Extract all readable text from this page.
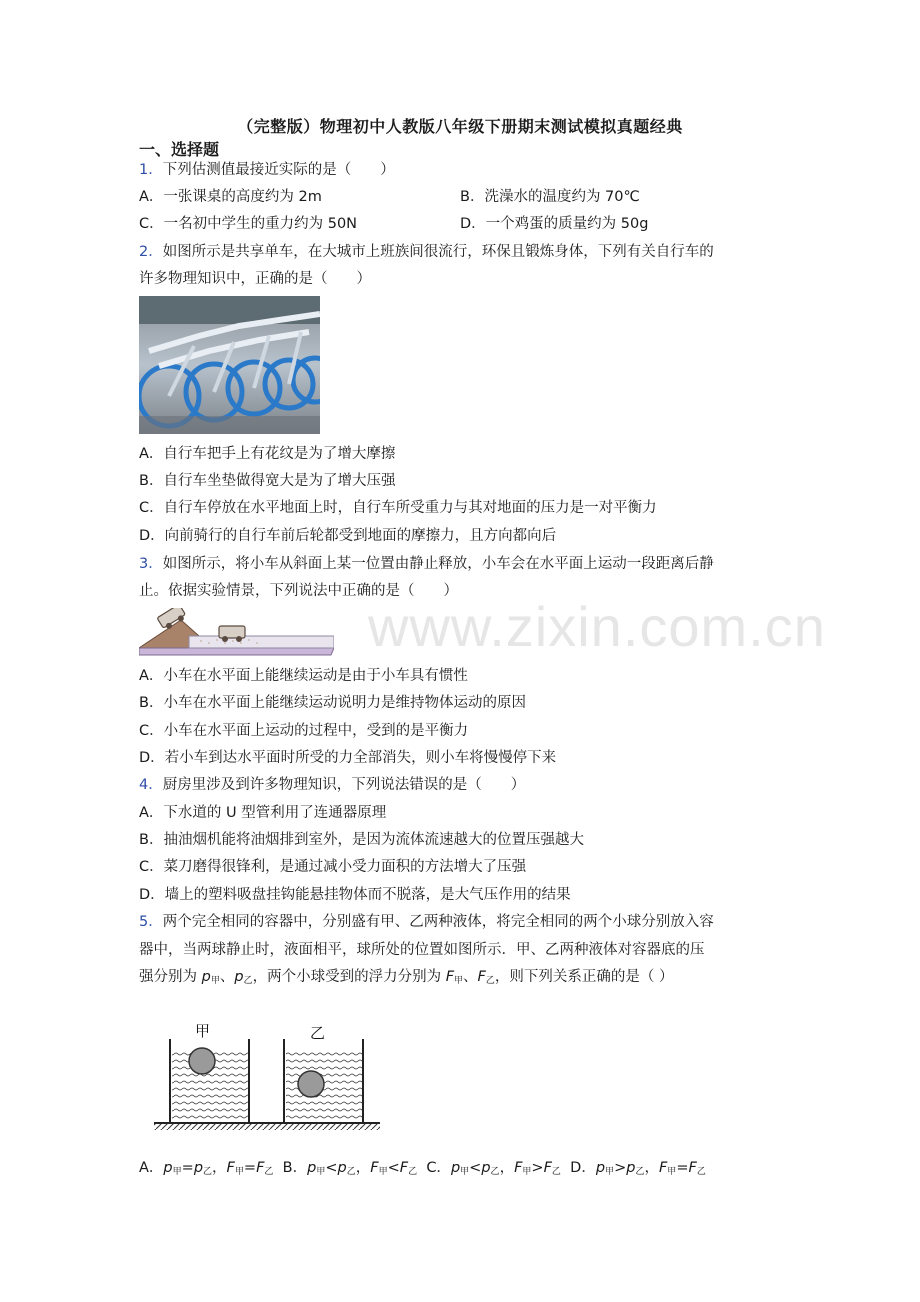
www.zixin.com.cn
（完整版）物理初中人教版八年级下册期末测试模拟真题经典
一、选择题
1．下列估测值最接近实际的是（　　）
A．一张课桌的高度约为 2m	B．洗澡水的温度约为 70℃
C．一名初中学生的重力约为 50N	D．一个鸡蛋的质量约为 50g
2．如图所示是共享单车，在大城市上班族间很流行，环保且锻炼身体，下列有关自行车的
许多物理知识中，正确的是（　　）
A．自行车把手上有花纹是为了增大摩擦
B．自行车坐垫做得宽大是为了增大压强
C．自行车停放在水平地面上时，自行车所受重力与其对地面的压力是一对平衡力
D．向前骑行的自行车前后轮都受到地面的摩擦力，且方向都向后
3．如图所示，将小车从斜面上某一位置由静止释放，小车会在水平面上运动一段距离后静
止。依据实验情景，下列说法中正确的是（　　）
A．小车在水平面上能继续运动是由于小车具有惯性
B．小车在水平面上能继续运动说明力是维持物体运动的原因
C．小车在水平面上运动的过程中，受到的是平衡力
D．若小车到达水平面时所受的力全部消失，则小车将慢慢停下来
4．厨房里涉及到许多物理知识，下列说法错误的是（　　）
A．下水道的 U 型管利用了连通器原理
B．抽油烟机能将油烟排到室外，是因为流体流速越大的位置压强越大
C．菜刀磨得很锋利，是通过减小受力面积的方法增大了压强
D．墙上的塑料吸盘挂钩能悬挂物体而不脱落，是大气压作用的结果
5．两个完全相同的容器中，分别盛有甲、乙两种液体，将完全相同的两个小球分别放入容
器中，当两球静止时，液面相平，球所处的位置如图所示．甲、乙两种液体对容器底的压
强分别为 $p_甲$、$p_乙$，两个小球受到的浮力分别为 $F_甲$、$F_乙$，则下列关系正确的是（ ）
甲	乙
A．$p_甲=p_乙$，$F_甲=F_乙$ B．$p_甲<p_乙$，$F_甲<F_乙$ C．$p_甲<p_乙$，$F_甲>F_乙$ D．$p_甲>p_乙$，$F_甲=F_乙$
